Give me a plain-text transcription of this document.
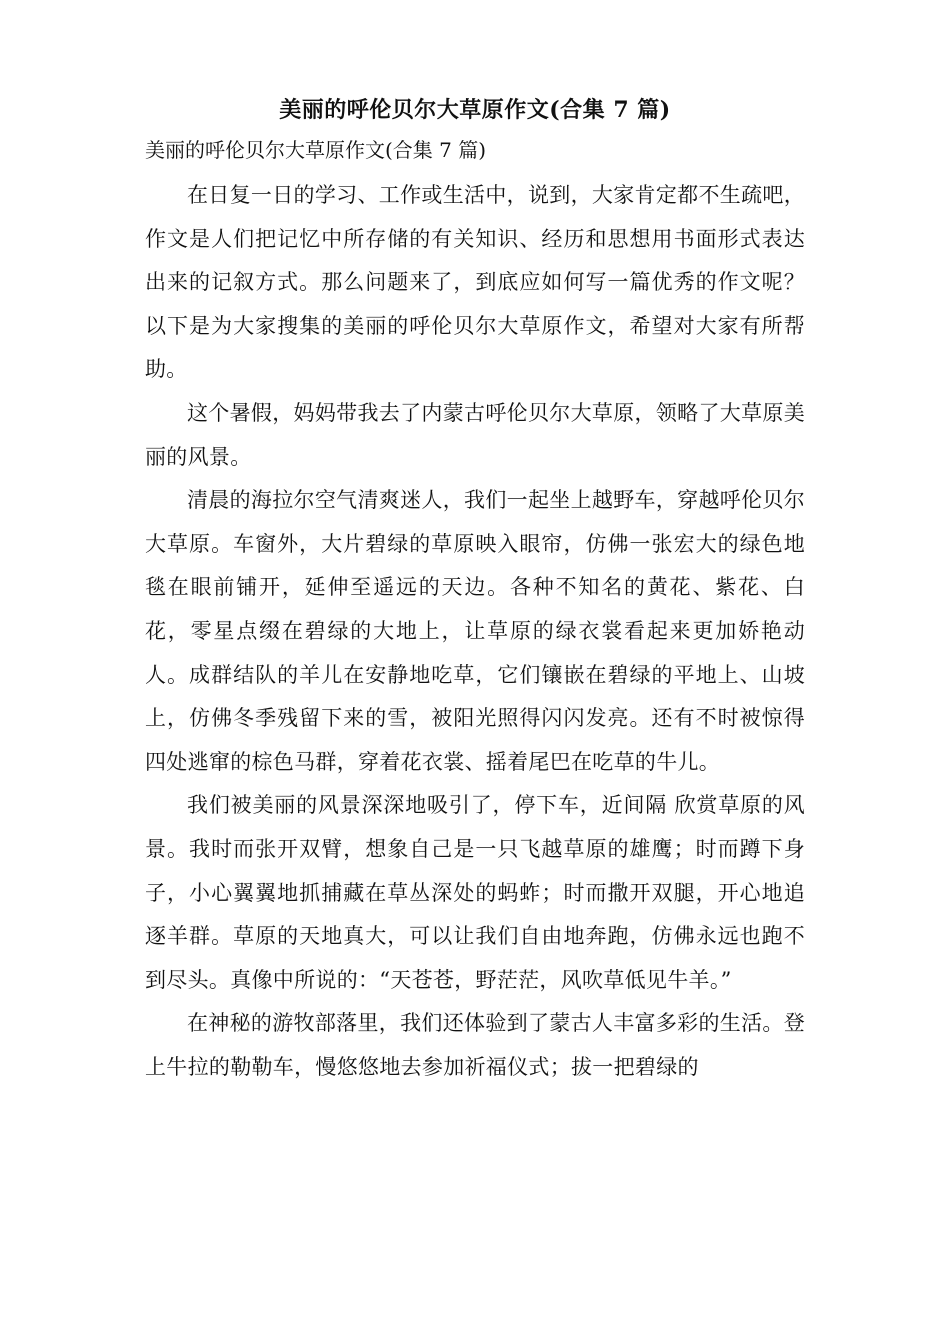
美丽的呼伦贝尔大草原作文(合集 7 篇)

美丽的呼伦贝尔大草原作文(合集 7 篇)

在日复一日的学习、工作或生活中，说到，大家肯定都不生疏吧，作文是人们把记忆中所存储的有关知识、经历和思想用书面形式表达出来的记叙方式。那么问题来了，到底应如何写一篇优秀的作文呢？以下是为大家搜集的美丽的呼伦贝尔大草原作文，希望对大家有所帮助。

这个暑假，妈妈带我去了内蒙古呼伦贝尔大草原，领略了大草原美丽的风景。

清晨的海拉尔空气清爽迷人，我们一起坐上越野车，穿越呼伦贝尔大草原。车窗外，大片碧绿的草原映入眼帘，仿佛一张宏大的绿色地毯在眼前铺开，延伸至遥远的天边。各种不知名的黄花、紫花、白花，零星点缀在碧绿的大地上，让草原的绿衣裳看起来更加娇艳动人。成群结队的羊儿在安静地吃草，它们镶嵌在碧绿的平地上、山坡上，仿佛冬季残留下来的雪，被阳光照得闪闪发亮。还有不时被惊得四处逃窜的棕色马群，穿着花衣裳、摇着尾巴在吃草的牛儿。

我们被美丽的风景深深地吸引了，停下车，近间隔 欣赏草原的风景。我时而张开双臂，想象自己是一只飞越草原的雄鹰；时而蹲下身子，小心翼翼地抓捕藏在草丛深处的蚂蚱；时而撒开双腿，开心地追逐羊群。草原的天地真大，可以让我们自由地奔跑，仿佛永远也跑不到尽头。真像中所说的：“天苍苍，野茫茫，风吹草低见牛羊。”

在神秘的游牧部落里，我们还体验到了蒙古人丰富多彩的生活。登上牛拉的勒勒车，慢悠悠地去参加祈福仪式；拔一把碧绿的
